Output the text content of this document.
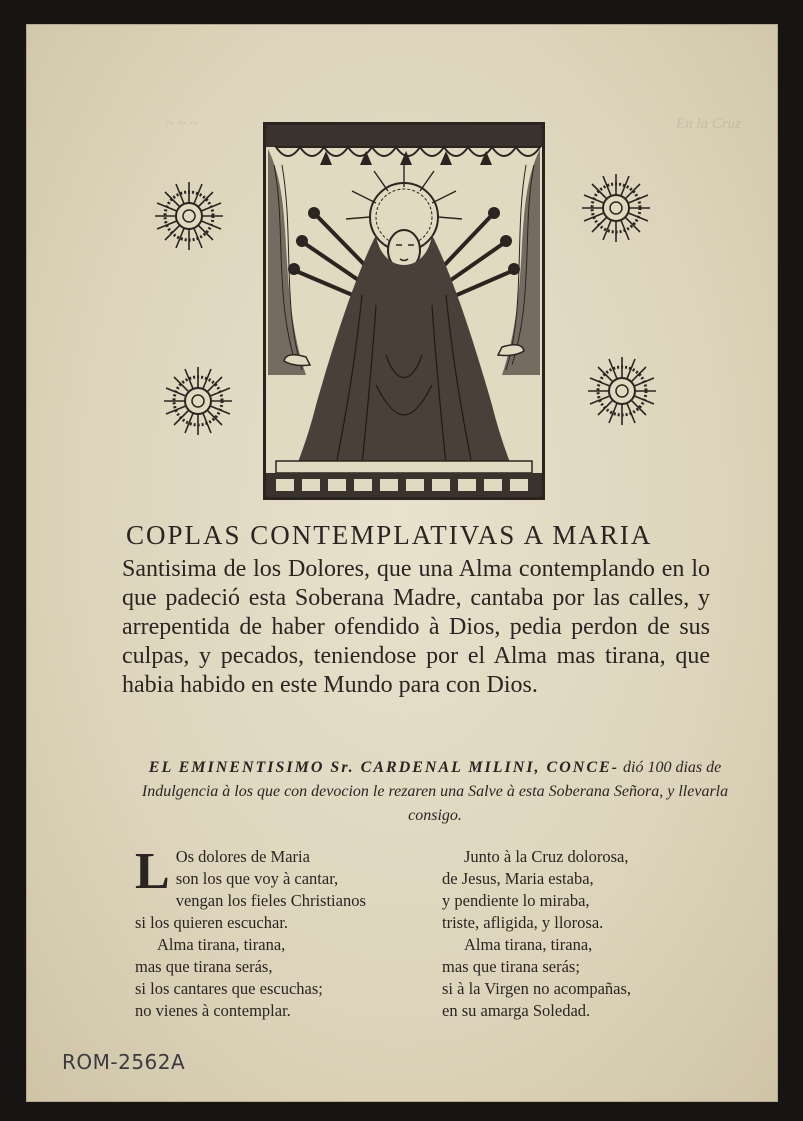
En la Cruz
~ ~ ~
COPLAS CONTEMPLATIVAS A MARIA

Santisima de los Dolores, que una Alma contemplando en lo que padeció esta Soberana Madre, cantaba por las calles, y arrepentida de haber ofendido à Dios, pedia perdon de sus culpas, y pecados, teniendose por el Alma mas tirana, que habia habido en este Mundo para con Dios.

EL EMINENTISIMO Sr. CARDENAL MILINI, CONCE- dió 100 dias de Indulgencia à los que con devocion le rezaren una Salve à esta Soberana Señora, y llevarla consigo.
L Os dolores de Maria
son los que voy à cantar,
vengan los fieles Christianos
si los quieren escuchar.
Alma tirana, tirana,
mas que tirana serás,
si los cantares que escuchas;
no vienes à contemplar.
Junto à la Cruz dolorosa,
de Jesus, Maria estaba,
y pendiente lo miraba,
triste, afligida, y llorosa.
Alma tirana, tirana,
mas que tirana serás;
si à la Virgen no acompañas,
en su amarga Soledad.
ROM-2562A
